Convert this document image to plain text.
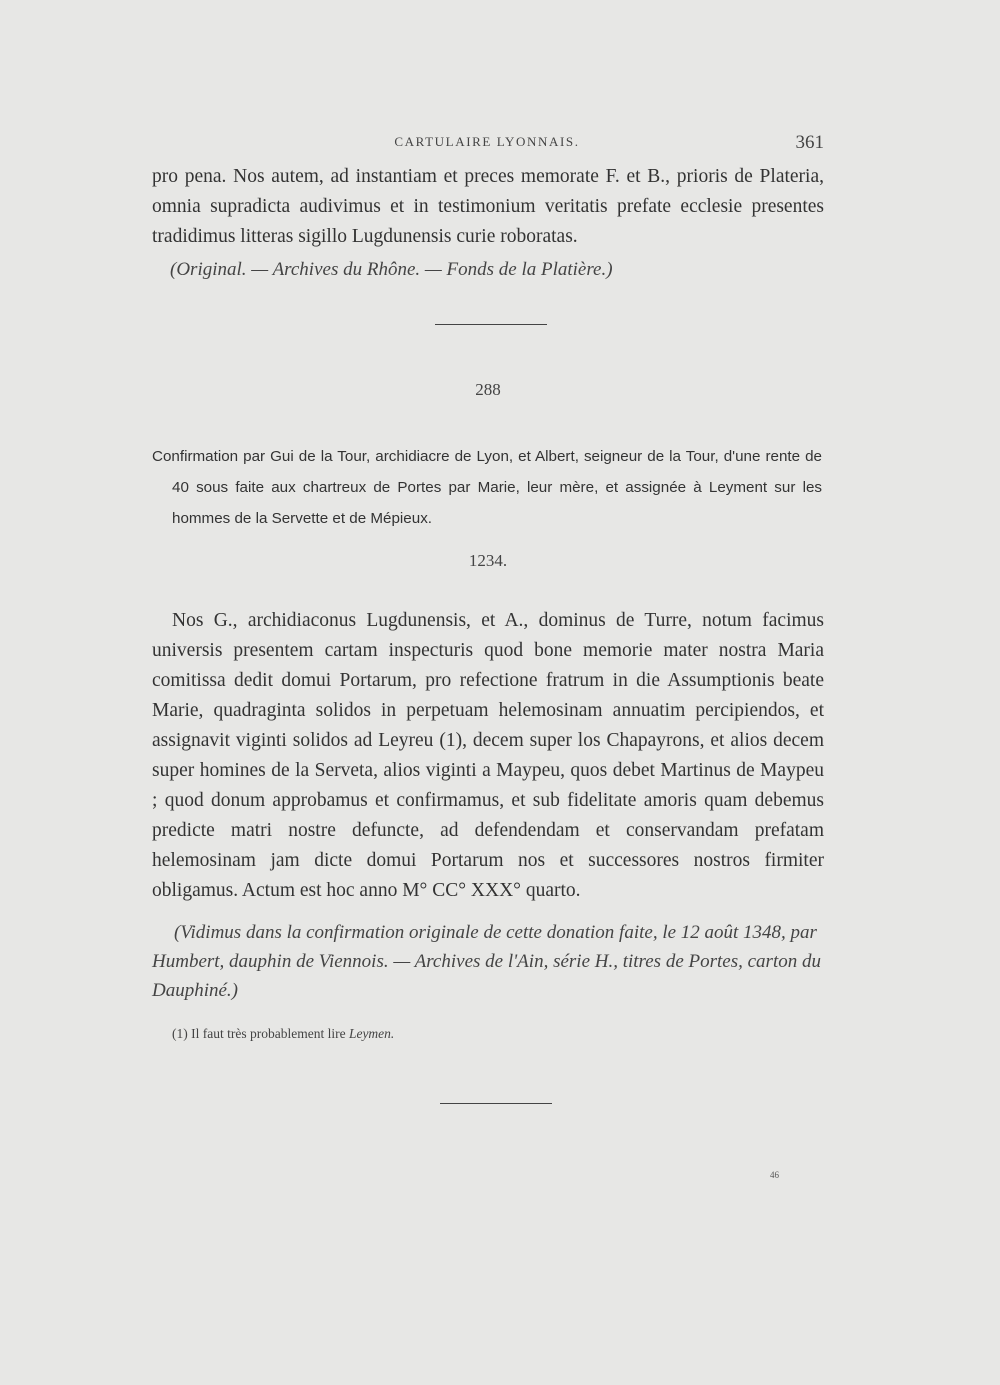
CARTULAIRE LYONNAIS.	361
pro pena. Nos autem, ad instantiam et preces memorate F. et B., prioris de Plateria, omnia supradicta audivimus et in testimonium veritatis prefate ecclesie presentes tradidimus litteras sigillo Lugdunensis curie roboratas.
(Original. — Archives du Rhône. — Fonds de la Platière.)
288
Confirmation par Gui de la Tour, archidiacre de Lyon, et Albert, seigneur de la Tour, d'une rente de 40 sous faite aux chartreux de Portes par Marie, leur mère, et assignée à Leyment sur les hommes de la Servette et de Mépieux.
1234.
Nos G., archidiaconus Lugdunensis, et A., dominus de Turre, notum facimus universis presentem cartam inspecturis quod bone memorie mater nostra Maria comitissa dedit domui Portarum, pro refectione fratrum in die Assumptionis beate Marie, quadraginta solidos in perpetuam helemosinam annuatim percipiendos, et assignavit viginti solidos ad Leyreu (1), decem super los Chapayrons, et alios decem super homines de la Serveta, alios viginti a Maypeu, quos debet Martinus de Maypeu ; quod donum approbamus et confirmamus, et sub fidelitate amoris quam debemus predicte matri nostre defuncte, ad defendendam et conservandam prefatam helemosinam jam dicte domui Portarum nos et successores nostros firmiter obligamus. Actum est hoc anno M° CC° XXX° quarto.
(Vidimus dans la confirmation originale de cette donation faite, le 12 août 1348, par Humbert, dauphin de Viennois. — Archives de l'Ain, série H., titres de Portes, carton du Dauphiné.)
(1) Il faut très probablement lire Leymen.
46
